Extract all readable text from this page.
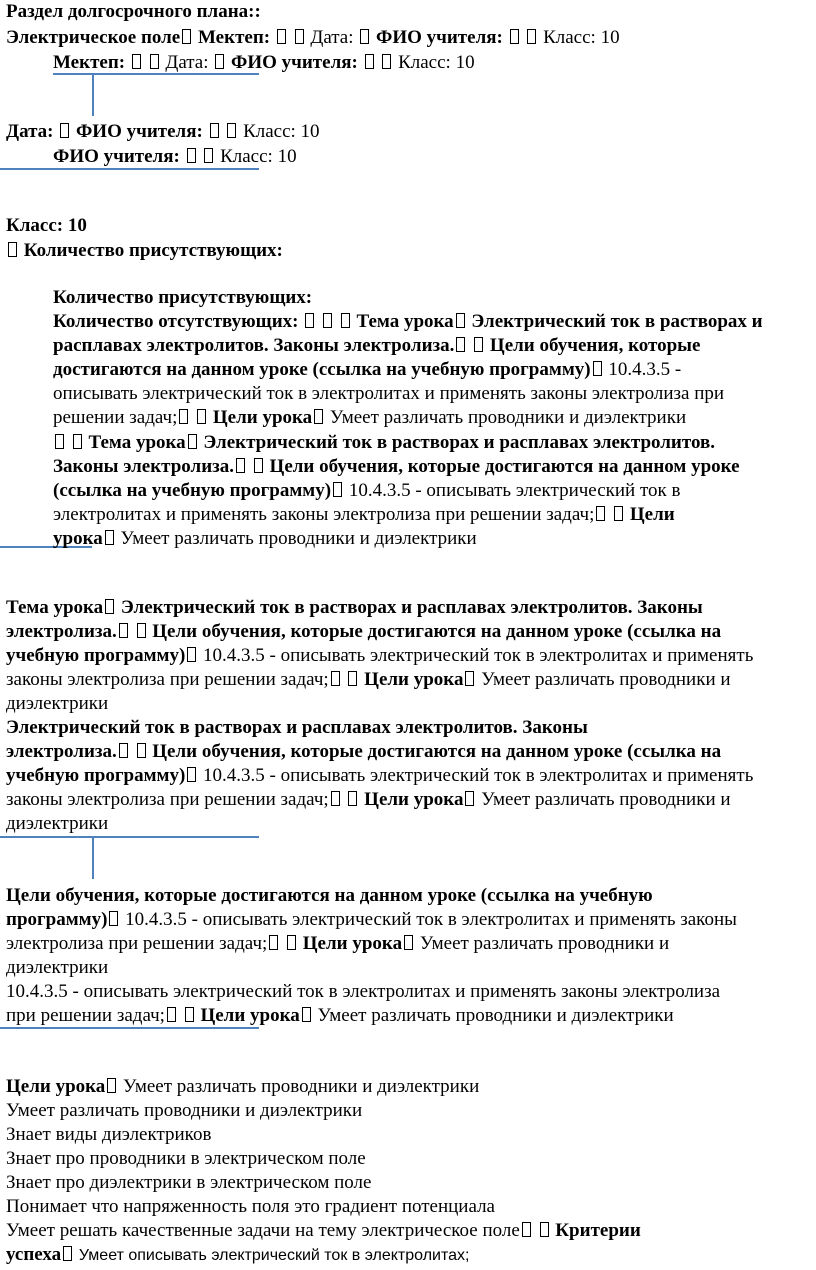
Раздел долгосрочного плана::

Электрическое поле Мектеп: Дата: ФИО учителя: Класс: 10

Мектеп: Дата: ФИО учителя: Класс: 10

Дата: ФИО учителя: Класс: 10

ФИО учителя: Класс: 10

Класс: 10

Количество присутствующих:

Количество присутствующих:

Количество отсутствующих:	Тема урока Электрический ток в растворах и

расплавах электролитов. Законы электролиза. Цели обучения, которые

достигаются на данном уроке (ссылка на учебную программу) 10.4.3.5 -

описывать электрический ток в электролитах и применять законы электролиза при

решении задач; Цели урока Умеет различать проводники и диэлектрики

Тема урока Электрический ток в растворах и расплавах электролитов.

Законы электролиза. Цели обучения, которые достигаются на данном уроке

(ссылка на учебную программу) 10.4.3.5 - описывать электрический ток в

электролитах и применять законы электролиза при решении задач; Цели

урока Умеет различать проводники и диэлектрики

Тема урока Электрический ток в растворах и расплавах электролитов. Законы

электролиза. Цели обучения, которые достигаются на данном уроке (ссылка на

учебную программу) 10.4.3.5 - описывать электрический ток в электролитах и применять

законы электролиза при решении задач; Цели урока Умеет различать проводники и

диэлектрики

Электрический ток в растворах и расплавах электролитов. Законы

электролиза. Цели обучения, которые достигаются на данном уроке (ссылка на

учебную программу) 10.4.3.5 - описывать электрический ток в электролитах и применять

законы электролиза при решении задач; Цели урока Умеет различать проводники и

диэлектрики

Цели обучения, которые достигаются на данном уроке (ссылка на учебную

программу) 10.4.3.5 - описывать электрический ток в электролитах и применять законы

электролиза при решении задач; Цели урока Умеет различать проводники и

диэлектрики

10.4.3.5 - описывать электрический ток в электролитах и применять законы электролиза

при решении задач; Цели урока Умеет различать проводники и диэлектрики

Цели урока Умеет различать проводники и диэлектрики

Умеет различать проводники и диэлектрики

Знает виды диэлектриков

Знает про проводники в электрическом поле

Знает про диэлектрики в электрическом поле

Понимает что напряженность поля это градиент потенциала

Умеет решать качественные задачи на тему электрическое поле Критерии

успеха Умеет описывать электрический ток в электролитах;
